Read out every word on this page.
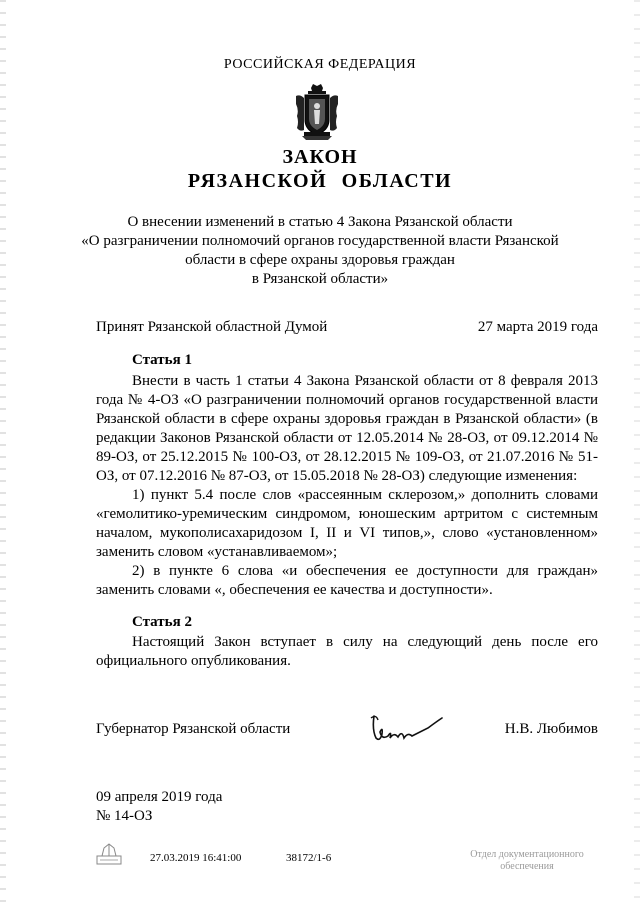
РОССИЙСКАЯ ФЕДЕРАЦИЯ
ЗАКОН
РЯЗАНСКОЙ ОБЛАСТИ
О внесении изменений в статью 4 Закона Рязанской области
«О разграничении полномочий органов государственной власти Рязанской
области в сфере охраны здоровья граждан
в Рязанской области»
Принят Рязанской областной Думой	27 марта 2019 года
Статья 1

Внести в часть 1 статьи 4 Закона Рязанской области от 8 февраля 2013 года № 4-ОЗ «О разграничении полномочий органов государственной власти Рязанской области в сфере охраны здоровья граждан в Рязанской области» (в редакции Законов Рязанской области от 12.05.2014 № 28-ОЗ, от 09.12.2014 № 89-ОЗ, от 25.12.2015 № 100-ОЗ, от 28.12.2015 № 109-ОЗ, от 21.07.2016 № 51-ОЗ, от 07.12.2016 № 87-ОЗ, от 15.05.2018 № 28-ОЗ) следующие изменения:

1) пункт 5.4 после слов «рассеянным склерозом,» дополнить словами «гемолитико-уремическим синдромом, юношеским артритом с системным началом, мукополисахаридозом I, II и VI типов,», слово «установленном» заменить словом «устанавливаемом»;

2) в пункте 6 слова «и обеспечения ее доступности для граждан» заменить словами «, обеспечения ее качества и доступности».

Статья 2

Настоящий Закон вступает в силу на следующий день после его официального опубликования.

Губернатор Рязанской области	Н.В. Любимов
09 апреля 2019 года
№ 14-ОЗ
27.03.2019 16:41:00	38172/1-6	Отдел документационного
обеспечения
